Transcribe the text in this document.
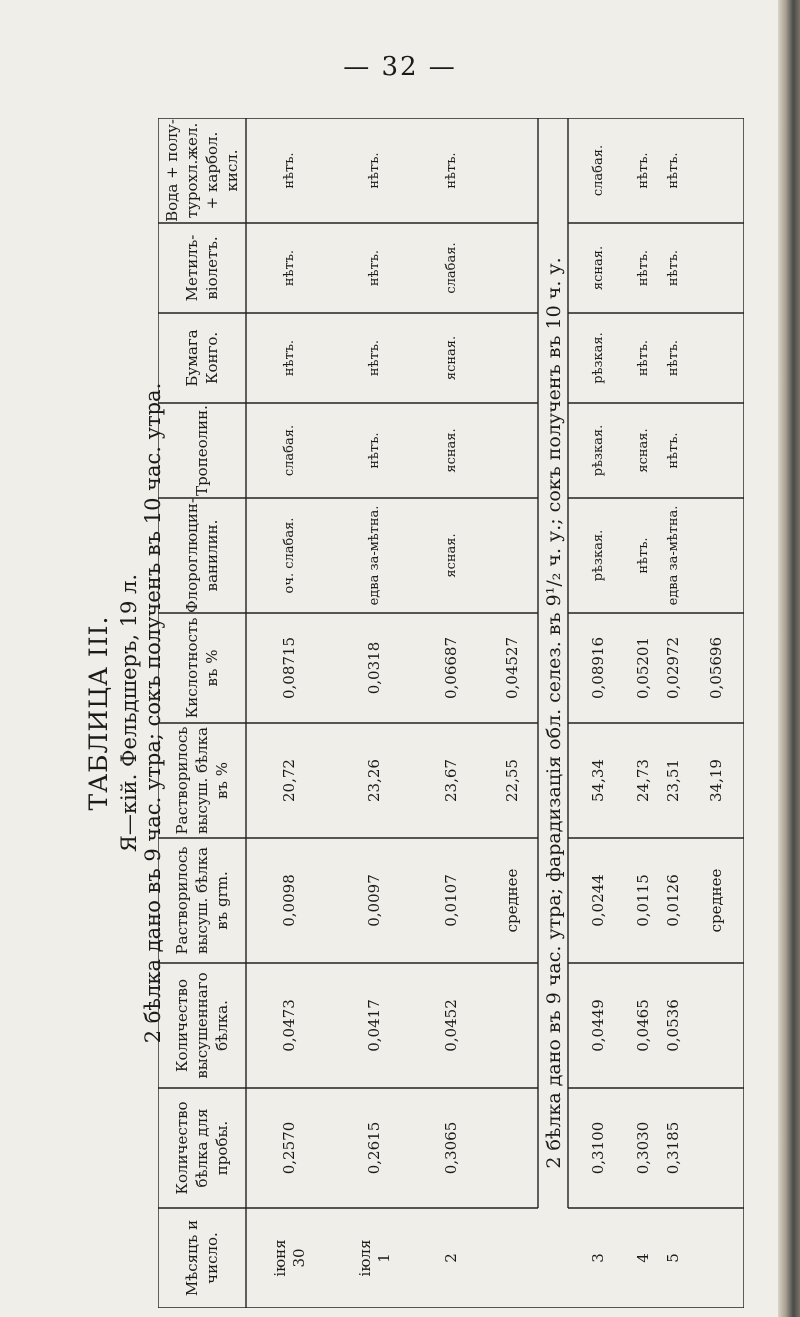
— 32 —
ТАБЛИЦА III. Я—кій. Фельдшеръ, 19 л.
2 бѣлка дано въ 9 час. утра; сокъ полученъ въ 10 час. утра.
Мѣсяцъ и число.
Количество бѣлка для пробы.
Количество высушеннаго бѣлка.
Растворилось высуш. бѣлка въ grm.
Растворилось высуш. бѣлка въ %
Кислотность въ %
Флороглюцин-ванилин.
Тропеолин.
Бумага Конго.
Метилъ-віолетъ.
Вода + полу-турохл.жел. + карбол. кисл.
іюня 30
0,2570
0,0473
0,0098
20,72
0,08715
оч. слабая.
слабая.
нѣтъ.
нѣтъ.
нѣтъ.
іюля 1
0,2615
0,0417
0,0097
23,26
0,0318
едва за-мѣтна.
нѣтъ.
нѣтъ.
нѣтъ.
нѣтъ.
2
0,3065
0,0452
0,0107
23,67
0,06687
ясная.
ясная.
ясная.
слабая.
нѣтъ.
среднее
22,55
0,04527
3
0,3100
0,0449
0,0244
54,34
0,08916
рѣзкая.
рѣзкая.
рѣзкая.
ясная.
слабая.
4
0,3030
0,0465
0,0115
24,73
0,05201
нѣтъ.
ясная.
нѣтъ.
нѣтъ.
нѣтъ.
5
0,3185
0,0536
0,0126
23,51
0,02972
едва за-мѣтна.
нѣтъ.
нѣтъ.
нѣтъ.
нѣтъ.
среднее
34,19
0,05696
2 бѣлка дано въ 9 час. утра; фарадизація обл. селез. въ 9¹/₂ ч. у.; сокъ полученъ въ 10 ч. у.
